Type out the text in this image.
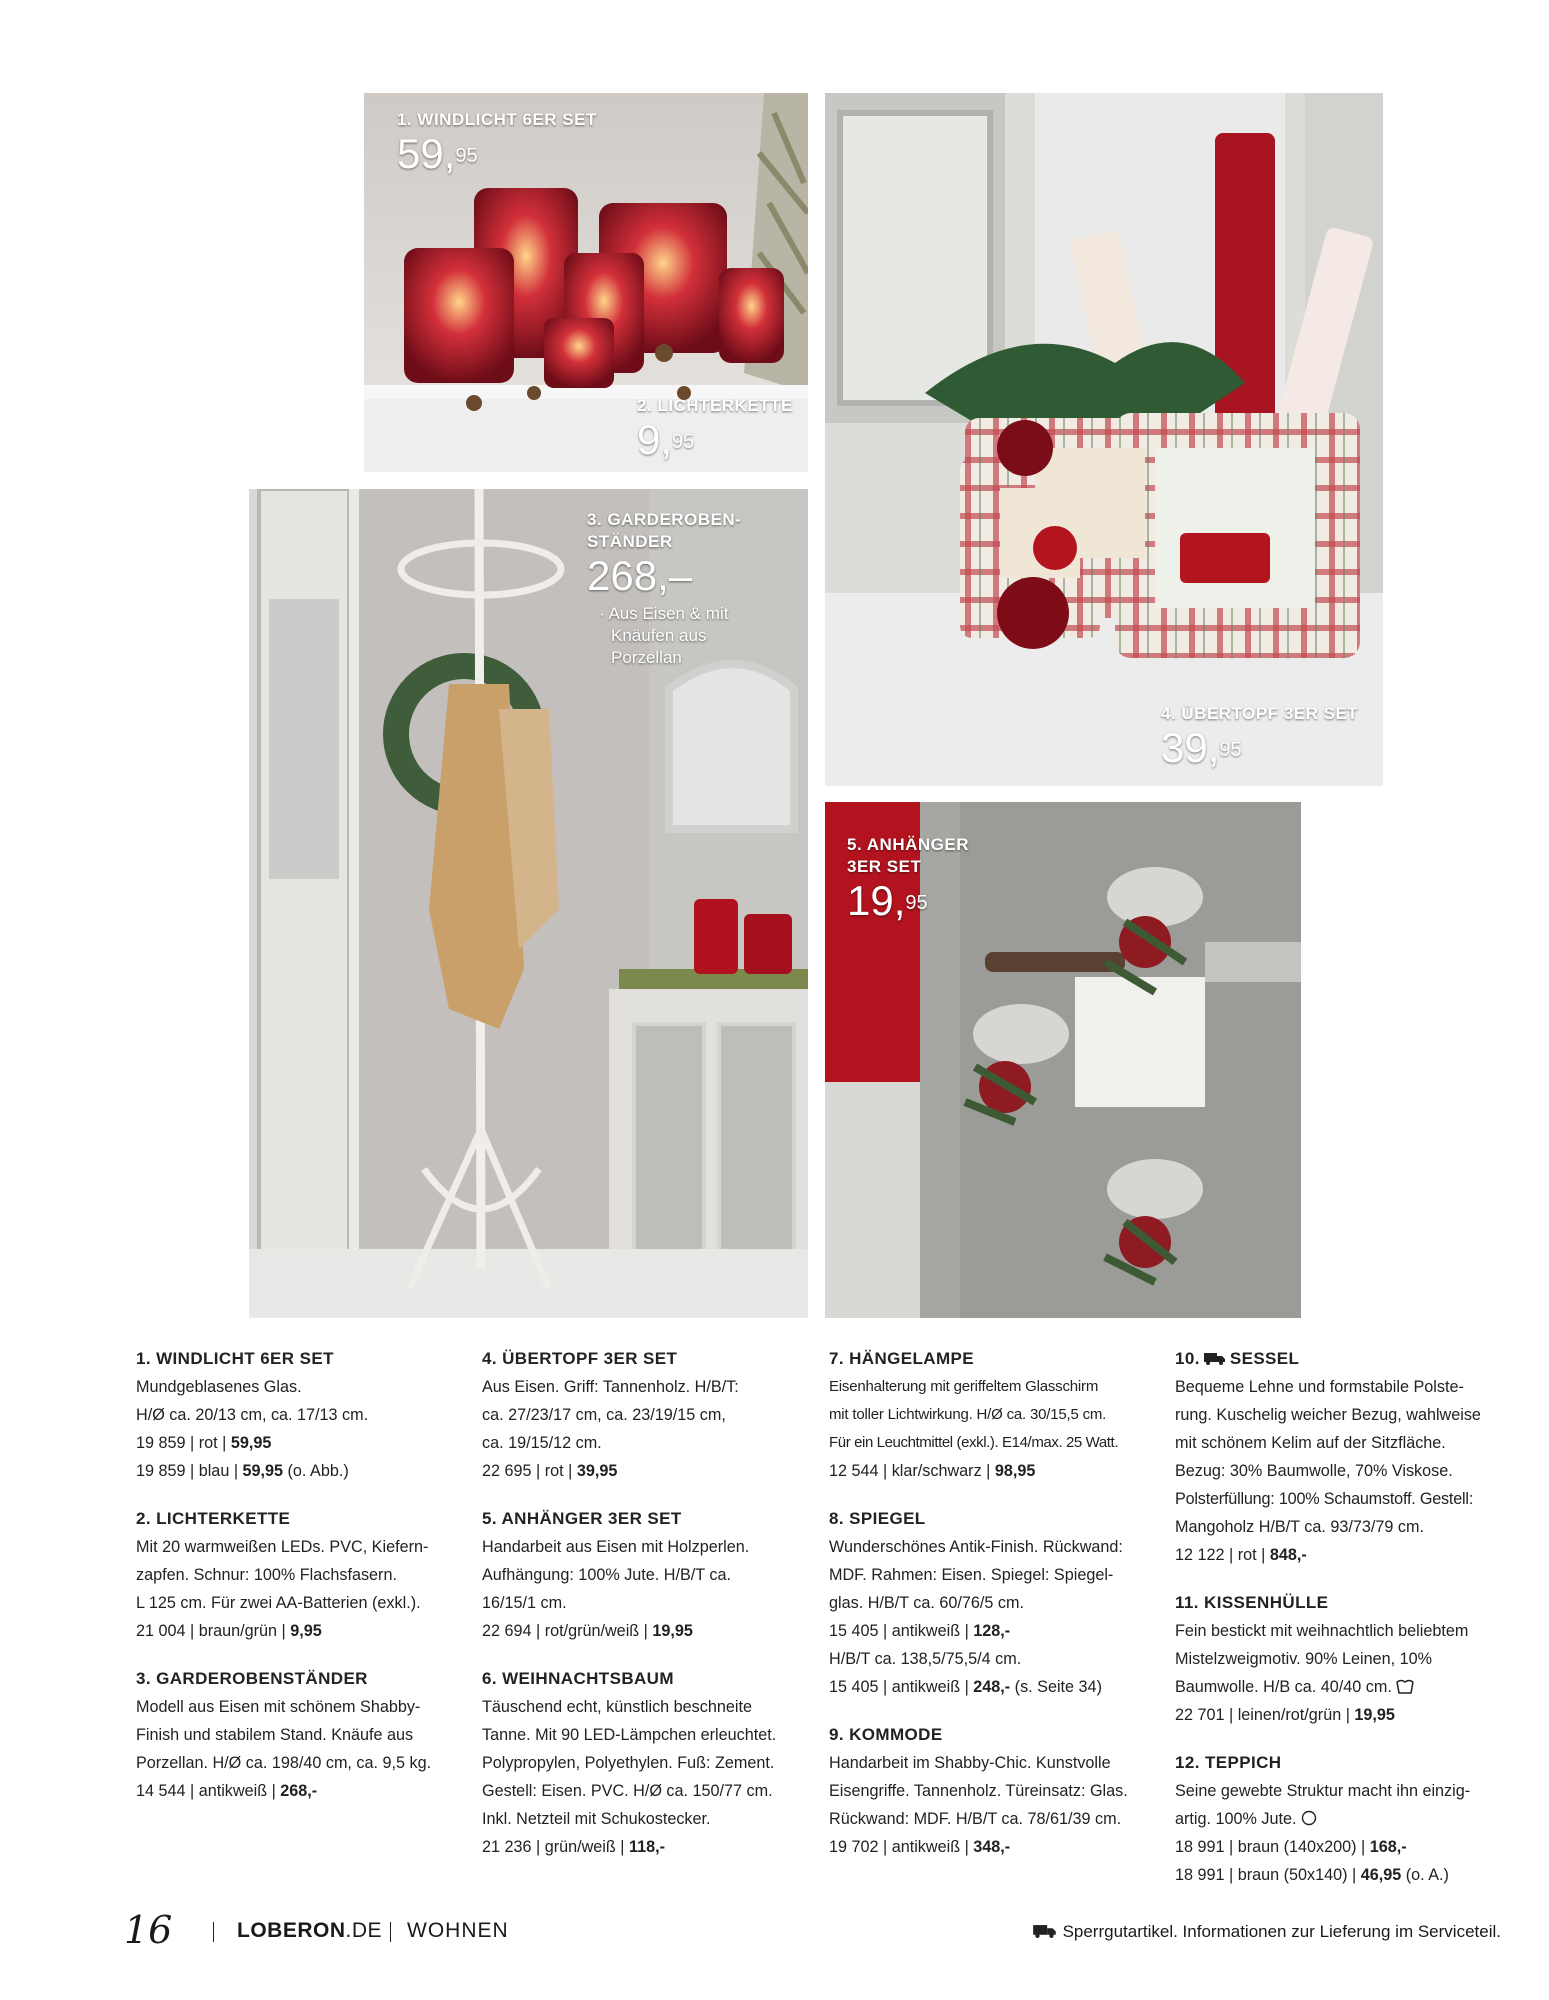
1. WINDLICHT 6ER SET
59,95
2. LICHTERKETTE
9,95
4. ÜBERTOPF 3ER SET
39,95
3. GARDEROBEN-
STÄNDER
268,–
· Aus Eisen & mit
Knäufen aus
Porzellan
5. ANHÄNGER
3ER SET
19,95
1. WINDLICHT 6ER SET
Mundgeblasenes Glas.
H/Ø ca. 20/13 cm, ca. 17/13 cm.
19 859 | rot | 59,95
19 859 | blau | 59,95 (o. Abb.)
2. LICHTERKETTE
Mit 20 warmweißen LEDs. PVC, Kiefern-
zapfen. Schnur: 100% Flachsfasern.
L 125 cm. Für zwei AA-Batterien (exkl.).
21 004 | braun/grün | 9,95
3. GARDEROBENSTÄNDER
Modell aus Eisen mit schönem Shabby-
Finish und stabilem Stand. Knäufe aus
Porzellan. H/Ø ca. 198/40 cm, ca. 9,5 kg.
14 544 | antikweiß | 268,-
4. ÜBERTOPF 3ER SET
Aus Eisen. Griff: Tannenholz. H/B/T:
ca. 27/23/17 cm, ca. 23/19/15 cm,
ca. 19/15/12 cm.
22 695 | rot | 39,95
5. ANHÄNGER 3ER SET
Handarbeit aus Eisen mit Holzperlen.
Aufhängung: 100% Jute. H/B/T ca.
16/15/1 cm.
22 694 | rot/grün/weiß | 19,95
6. WEIHNACHTSBAUM
Täuschend echt, künstlich beschneite
Tanne. Mit 90 LED-Lämpchen erleuchtet.
Polypropylen, Polyethylen. Fuß: Zement.
Gestell: Eisen. PVC. H/Ø ca. 150/77 cm.
Inkl. Netzteil mit Schukostecker.
21 236 | grün/weiß | 118,-
7. HÄNGELAMPE
Eisenhalterung mit geriffeltem Glasschirm
mit toller Lichtwirkung. H/Ø ca. 30/15,5 cm.
Für ein Leuchtmittel (exkl.). E14/max. 25 Watt.
12 544 | klar/schwarz | 98,95
8. SPIEGEL
Wunderschönes Antik-Finish. Rückwand:
MDF. Rahmen: Eisen. Spiegel: Spiegel-
glas. H/B/T ca. 60/76/5 cm.
15 405 | antikweiß | 128,-
H/B/T ca. 138,5/75,5/4 cm.
15 405 | antikweiß | 248,- (s. Seite 34)
9. KOMMODE
Handarbeit im Shabby-Chic. Kunstvolle
Eisengriffe. Tannenholz. Türeinsatz: Glas.
Rückwand: MDF. H/B/T ca. 78/61/39 cm.
19 702 | antikweiß | 348,-
10. SESSEL
Bequeme Lehne und formstabile Polste-
rung. Kuschelig weicher Bezug, wahlweise
mit schönem Kelim auf der Sitzfläche.
Bezug: 30% Baumwolle, 70% Viskose.
Polsterfüllung: 100% Schaumstoff. Gestell:
Mangoholz H/B/T ca. 93/73/79 cm.
12 122 | rot | 848,-
11. KISSENHÜLLE
Fein bestickt mit weihnachtlich beliebtem
Mistelzweigmotiv. 90% Leinen, 10%
Baumwolle. H/B ca. 40/40 cm.
22 701 | leinen/rot/grün | 19,95
12. TEPPICH
Seine gewebte Struktur macht ihn einzig-
artig. 100% Jute.
18 991 | braun (140x200) | 168,-
18 991 | braun (50x140) | 46,95 (o. A.)
16	LOBERON.DE WOHNEN	Sperrgutartikel. Informationen zur Lieferung im Serviceteil.
